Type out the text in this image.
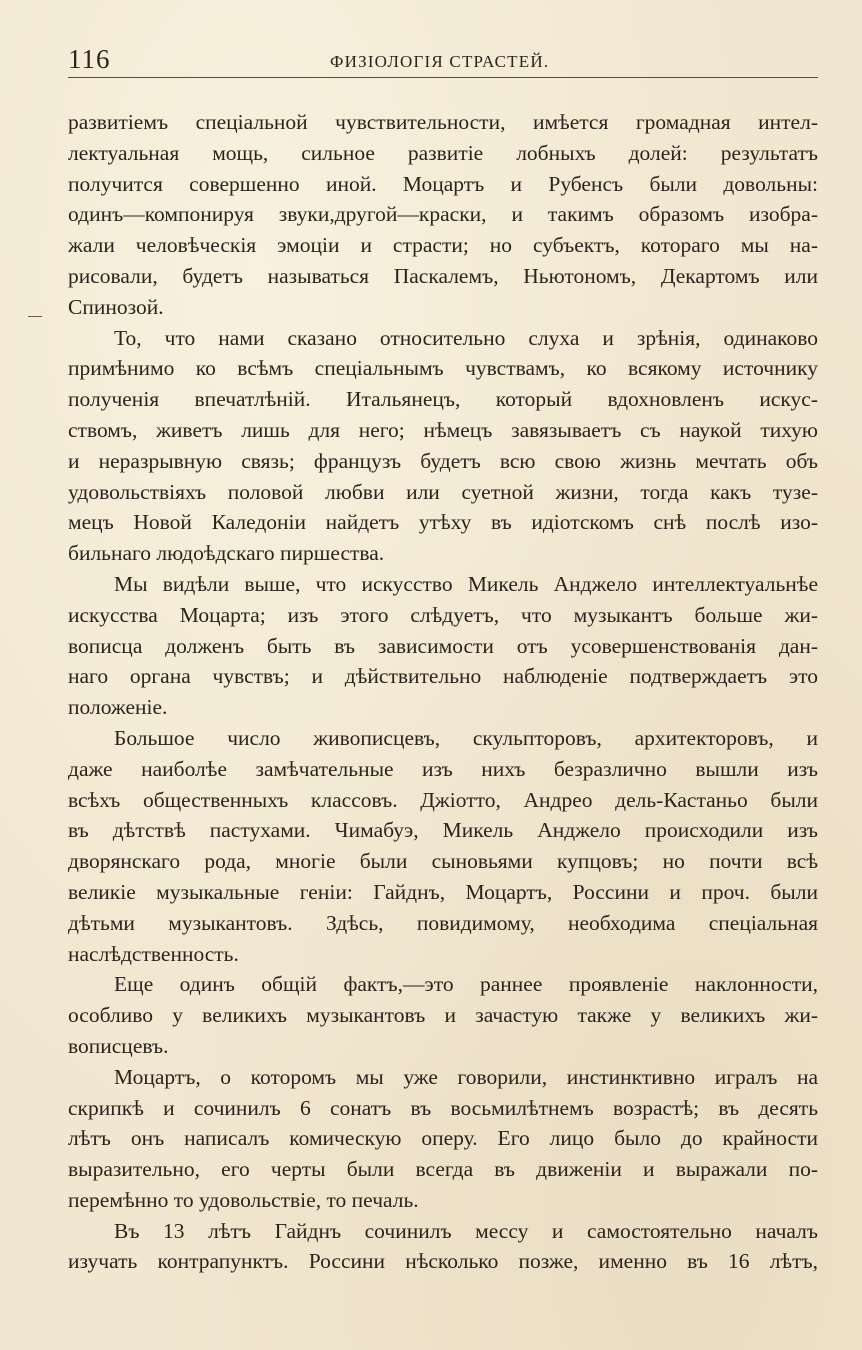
116	ФИЗІОЛОГІЯ СТРАСТЕЙ.
развитіемъ спеціальной чувствительности, имѣется громадная интел-
лектуальная мощь, сильное развитіе лобныхъ долей: результатъ
получится совершенно иной. Моцартъ и Рубенсъ были довольны:
одинъ—компонируя звуки,другой—краски, и такимъ образомъ изобра-
жали человѣческія эмоціи и страсти; но субъектъ, котораго мы на-
рисовали, будетъ называться Паскалемъ, Ньютономъ, Декартомъ или
Спинозой.
То, что нами сказано относительно слуха и зрѣнія, одинаково
примѣнимо ко всѣмъ спеціальнымъ чувствамъ, ко всякому источнику
полученія впечатлѣній. Итальянецъ, который вдохновленъ искус-
ствомъ, живетъ лишь для него; нѣмецъ завязываетъ съ наукой тихую
и неразрывную связь; французъ будетъ всю свою жизнь мечтать объ
удовольствіяхъ половой любви или суетной жизни, тогда какъ тузе-
мецъ Новой Каледоніи найдетъ утѣху въ идіотскомъ снѣ послѣ изо-
бильнаго людоѣдскаго пиршества.
Мы видѣли выше, что искусство Микель Анджело интеллектуальнѣе
искусства Моцарта; изъ этого слѣдуетъ, что музыкантъ больше жи-
вописца долженъ быть въ зависимости отъ усовершенствованія дан-
наго органа чувствъ; и дѣйствительно наблюденіе подтверждаетъ это
положеніе.
Большое число живописцевъ, скульпторовъ, архитекторовъ, и
даже наиболѣе замѣчательные изъ нихъ безразлично вышли изъ
всѣхъ общественныхъ классовъ. Джіотто, Андрео дель-Кастаньо были
въ дѣтствѣ пастухами. Чимабуэ, Микель Анджело происходили изъ
дворянскаго рода, многіе были сыновьями купцовъ; но почти всѣ
великіе музыкальные геніи: Гайднъ, Моцартъ, Россини и проч. были
дѣтьми музыкантовъ. Здѣсь, повидимому, необходима спеціальная
наслѣдственность.
Еще одинъ общій фактъ,—это раннее проявленіе наклонности,
особливо у великихъ музыкантовъ и зачастую также у великихъ жи-
вописцевъ.
Моцартъ, о которомъ мы уже говорили, инстинктивно игралъ на
скрипкѣ и сочинилъ 6 сонатъ въ восьмилѣтнемъ возрастѣ; въ десять
лѣтъ онъ написалъ комическую оперу. Его лицо было до крайности
выразительно, его черты были всегда въ движеніи и выражали по-
перемѣнно то удовольствіе, то печаль.
Въ 13 лѣтъ Гайднъ сочинилъ мессу и самостоятельно началъ
изучать контрапунктъ. Россини нѣсколько позже, именно въ 16 лѣтъ,
